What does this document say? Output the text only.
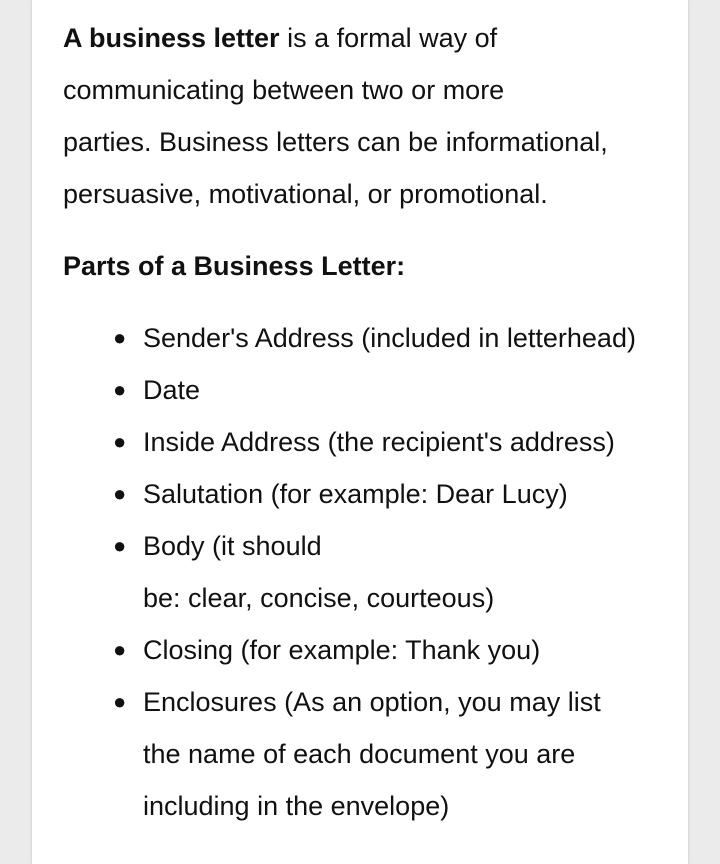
A business letter is a formal way of
communicating between two or more
parties. Business letters can be informational,
persuasive, motivational, or promotional.

Parts of a Business Letter:

● Sender's Address (included in letterhead)
● Date
● Inside Address (the recipient's address)
● Salutation (for example: Dear Lucy)
● Body (it should
be: clear, concise, courteous)
● Closing (for example: Thank you)
● Enclosures (As an option, you may list
the name of each document you are
including in the envelope)
